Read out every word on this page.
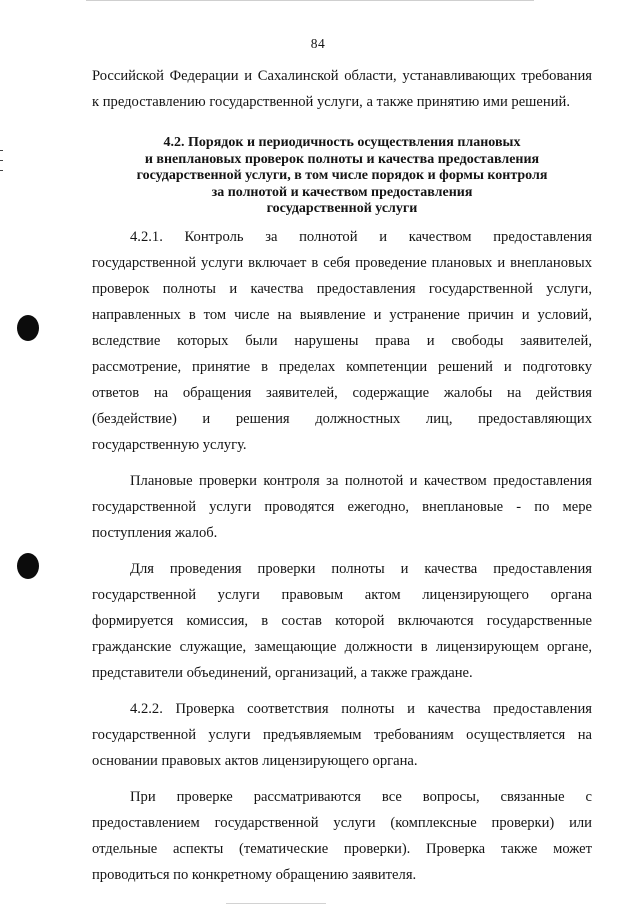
84
Российской Федерации и Сахалинской области, устанавливающих требования
к предоставлению государственной услуги, а также принятию ими решений.
4.2. Порядок и периодичность осуществления плановых
и внеплановых проверок полноты и качества предоставления
государственной услуги, в том числе порядок и формы контроля
за полнотой и качеством предоставления
государственной услуги
4.2.1. Контроль за полнотой и качеством предоставления
государственной услуги включает в себя проведение плановых и внеплановых
проверок полноты и качества предоставления государственной услуги,
направленных в том числе на выявление и устранение причин и условий,
вследствие которых были нарушены права и свободы заявителей,
рассмотрение, принятие в пределах компетенции решений и подготовку
ответов на обращения заявителей, содержащие жалобы на действия
(бездействие) и решения должностных лиц, предоставляющих
государственную услугу.
Плановые проверки контроля за полнотой и качеством предоставления
государственной услуги проводятся ежегодно, внеплановые - по мере
поступления жалоб.
Для проведения проверки полноты и качества предоставления
государственной услуги правовым актом лицензирующего органа
формируется комиссия, в состав которой включаются государственные
гражданские служащие, замещающие должности в лицензирующем органе,
представители объединений, организаций, а также граждане.
4.2.2. Проверка соответствия полноты и качества предоставления
государственной услуги предъявляемым требованиям осуществляется на
основании правовых актов лицензирующего органа.
При проверке рассматриваются все вопросы, связанные с
предоставлением государственной услуги (комплексные проверки) или
отдельные аспекты (тематические проверки). Проверка также может
проводиться по конкретному обращению заявителя.
